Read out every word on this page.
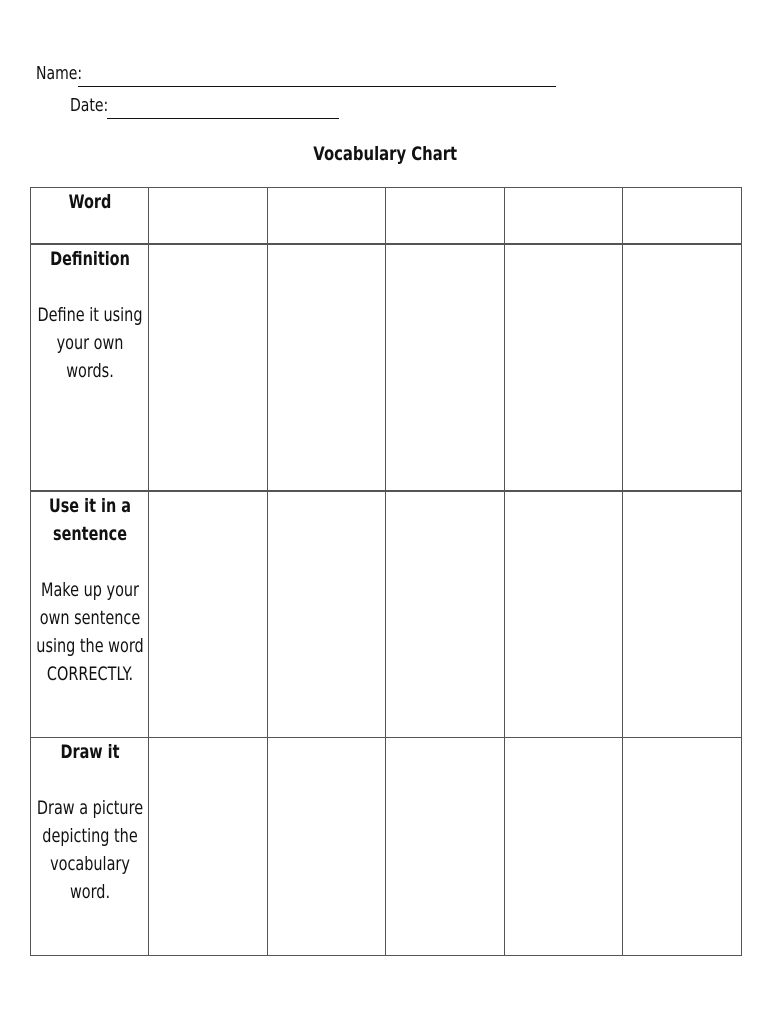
Name:
Date:
Vocabulary Chart
Word					

Definition
Define it using your own words.					

Use it in a sentence
Make up your own sentence using the word CORRECTLY.					

Draw it
Draw a picture depicting the vocabulary word.					
